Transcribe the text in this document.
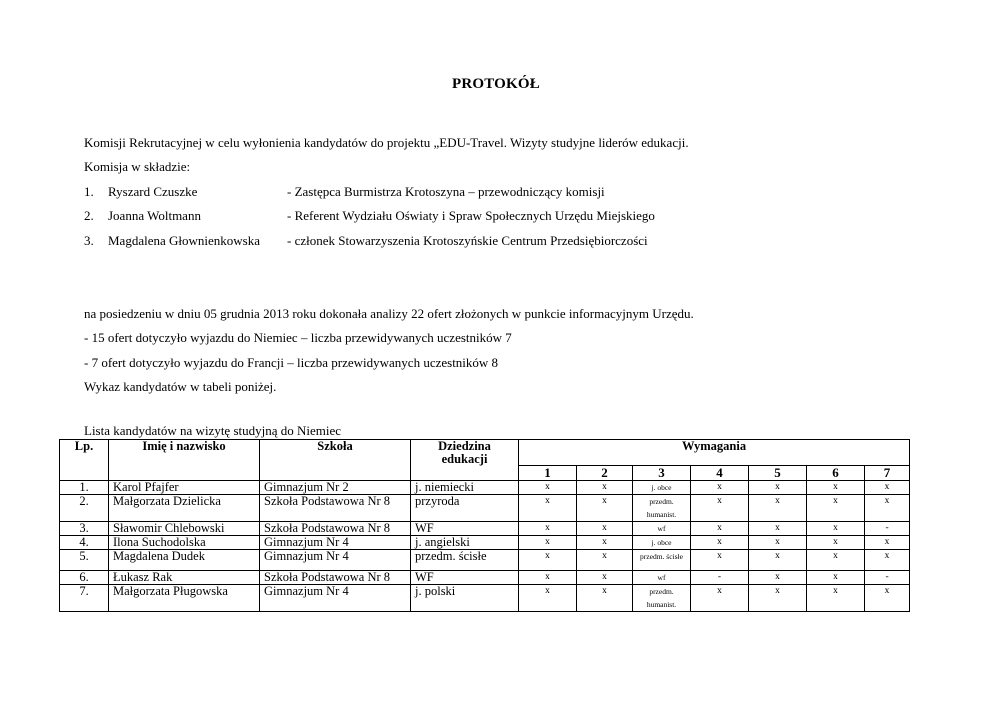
PROTOKÓŁ
Komisji Rekrutacyjnej w celu wyłonienia kandydatów do projektu „EDU-Travel. Wizyty studyjne liderów edukacji.
Komisja w składzie:
1. Ryszard Czuszke	- Zastępca Burmistrza Krotoszyna – przewodniczący komisji
2. Joanna Woltmann	- Referent Wydziału Oświaty i Spraw Społecznych Urzędu Miejskiego
3. Magdalena Głownienkowska - członek Stowarzyszenia Krotoszyńskie Centrum Przedsiębiorczości
na posiedzeniu w dniu 05 grudnia 2013 roku dokonała analizy 22 ofert złożonych w punkcie informacyjnym Urzędu.
- 15 ofert dotyczyło wyjazdu do Niemiec – liczba przewidywanych uczestników 7
- 7 ofert dotyczyło wyjazdu do Francji – liczba przewidywanych uczestników 8
Wykaz kandydatów w tabeli poniżej.
Lista kandydatów na wizytę studyjną do Niemiec
Lp.	Imię i nazwisko	Szkoła	Dziedzina edukacji	Wymagania						
				1	2	3	4	5	6	7
1.	Karol Pfajfer	Gimnazjum Nr 2	j. niemiecki	x	x	j. obce	x	x	x	x
2.	Małgorzata Dzielicka	Szkoła Podstawowa Nr 8	przyroda	x	x	przedm. humanist.	x	x	x	x
3.	Sławomir Chlebowski	Szkoła Podstawowa Nr 8	WF	x	x	wf	x	x	x	-
4.	Ilona Suchodolska	Gimnazjum Nr 4	j. angielski	x	x	j. obce	x	x	x	x
5.	Magdalena Dudek	Gimnazjum Nr 4	przedm. ścisłe	x	x	przedm. ścisłe	x	x	x	x
6.	Łukasz Rak	Szkoła Podstawowa Nr 8	WF	x	x	wf	-	x	x	-
7.	Małgorzata Pługowska	Gimnazjum Nr 4	j. polski	x	x	przedm. humanist.	x	x	x	x
